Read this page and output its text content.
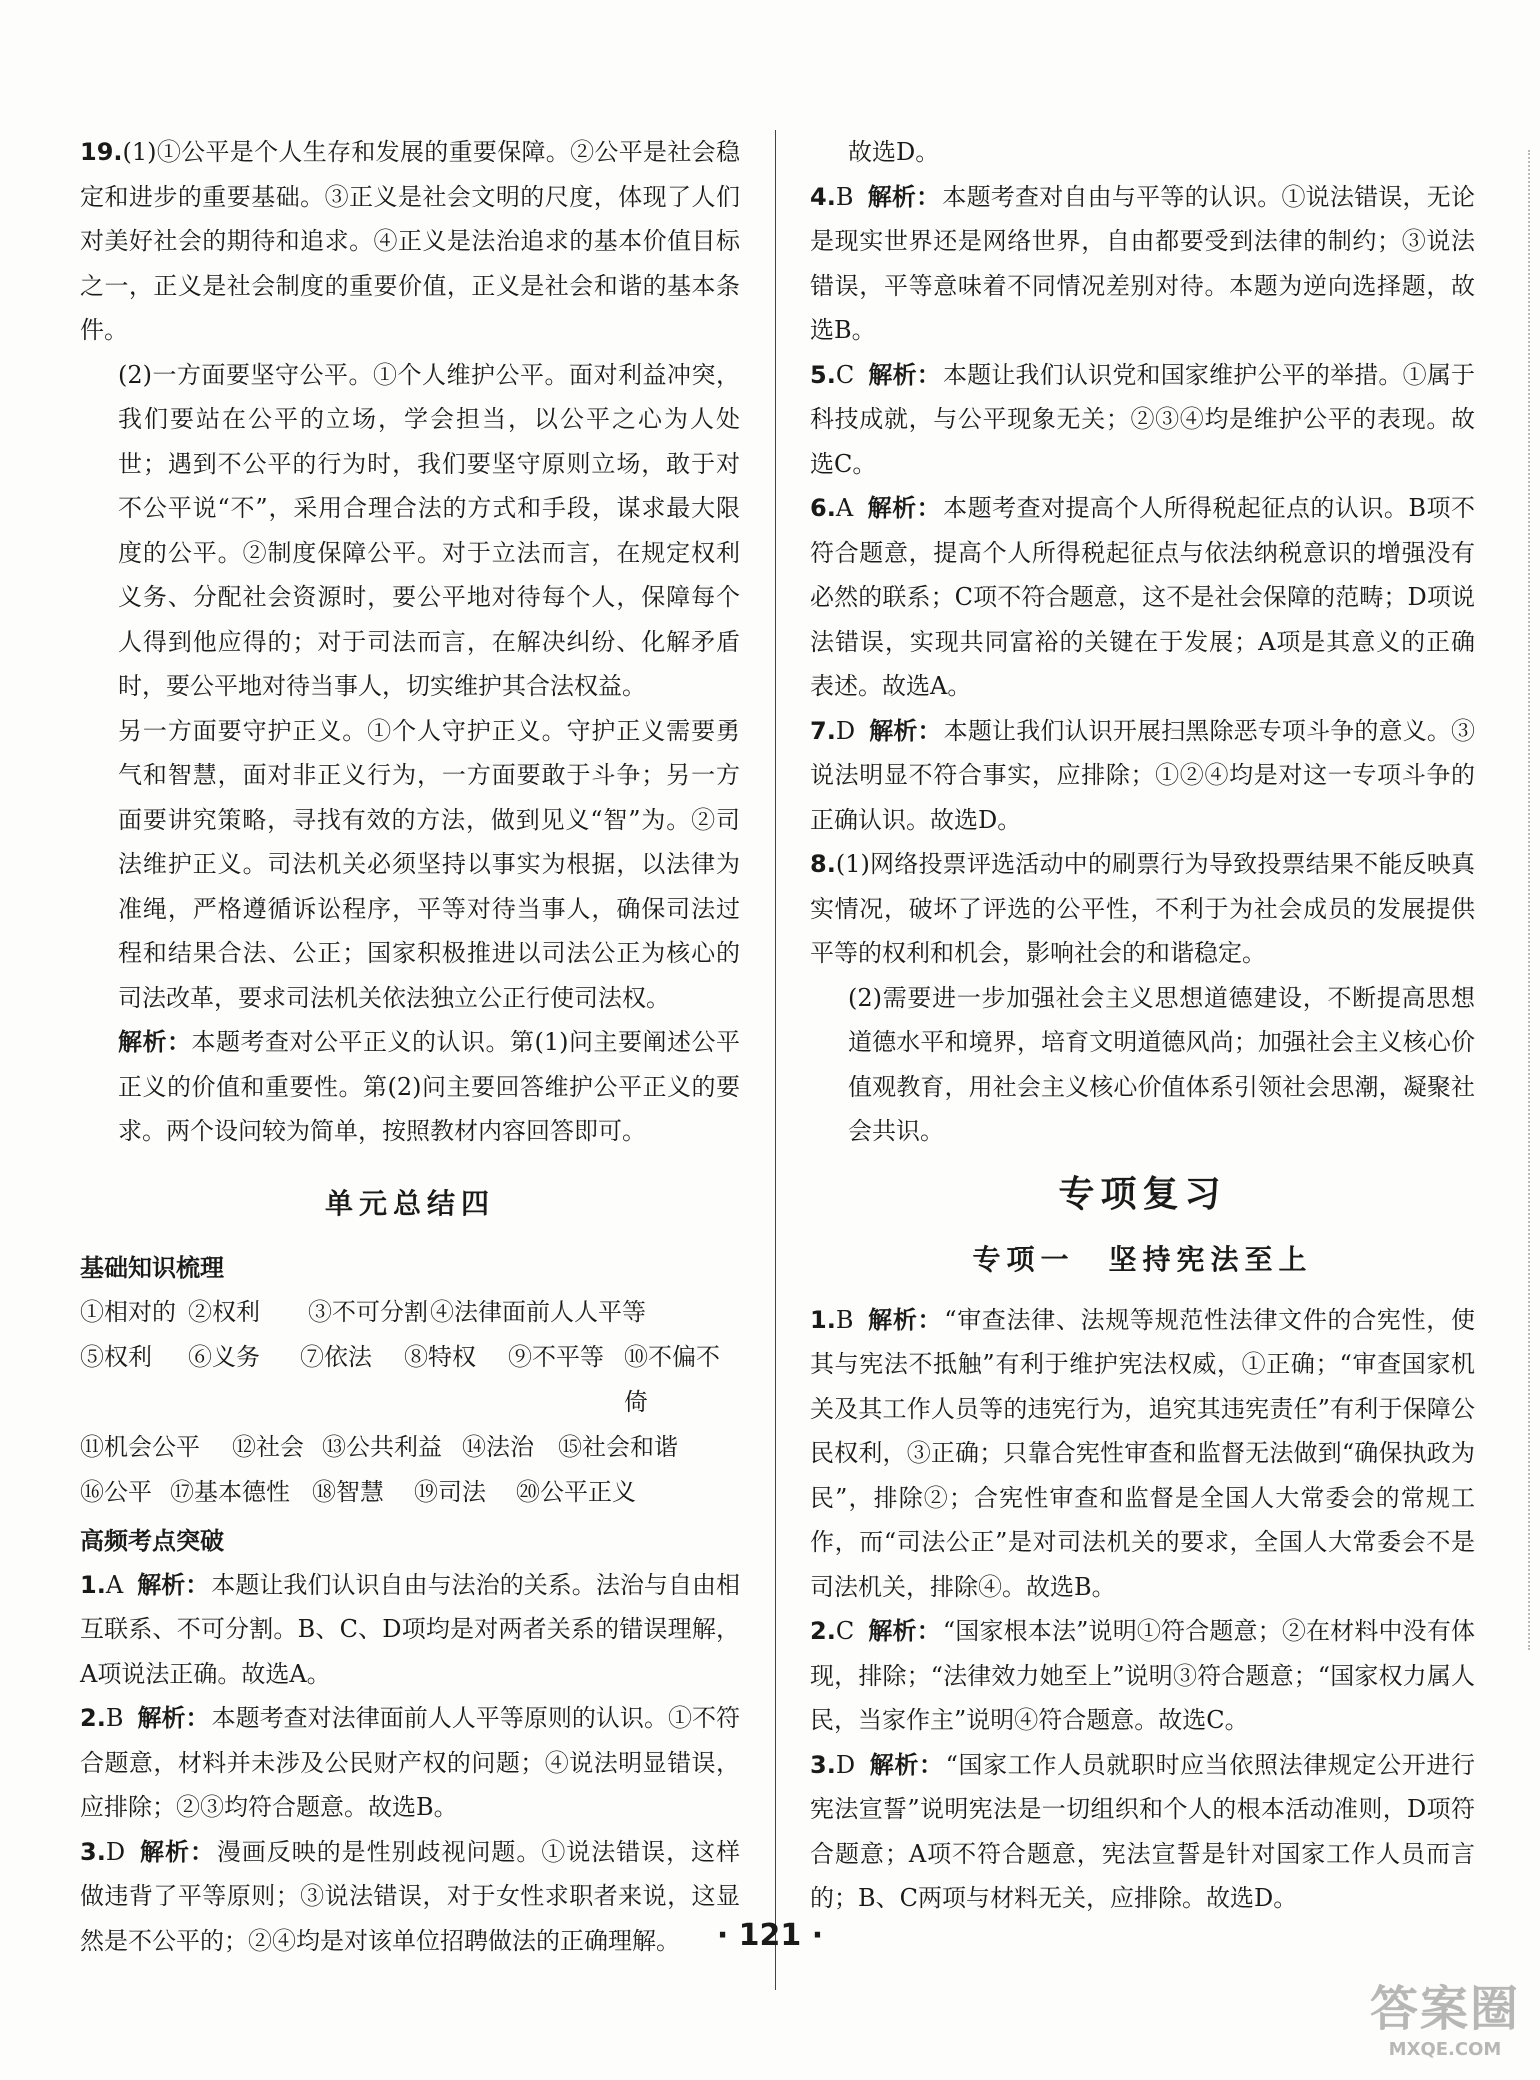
19.(1)①公平是个人生存和发展的重要保障。②公平是社会稳定和进步的重要基础。③正义是社会文明的尺度，体现了人们对美好社会的期待和追求。④正义是法治追求的基本价值目标之一，正义是社会制度的重要价值，正义是社会和谐的基本条件。

(2)一方面要坚守公平。①个人维护公平。面对利益冲突，我们要站在公平的立场，学会担当，以公平之心为人处世；遇到不公平的行为时，我们要坚守原则立场，敢于对不公平说“不”，采用合理合法的方式和手段，谋求最大限度的公平。②制度保障公平。对于立法而言，在规定权利义务、分配社会资源时，要公平地对待每个人，保障每个人得到他应得的；对于司法而言，在解决纠纷、化解矛盾时，要公平地对待当事人，切实维护其合法权益。

另一方面要守护正义。①个人守护正义。守护正义需要勇气和智慧，面对非正义行为，一方面要敢于斗争；另一方面要讲究策略，寻找有效的方法，做到见义“智”为。②司法维护正义。司法机关必须坚持以事实为根据，以法律为准绳，严格遵循诉讼程序，平等对待当事人，确保司法过程和结果合法、公正；国家积极推进以司法公正为核心的司法改革，要求司法机关依法独立公正行使司法权。

解析：本题考查对公平正义的认识。第(1)问主要阐述公平正义的价值和重要性。第(2)问主要回答维护公平正义的要求。两个设问较为简单，按照教材内容回答即可。

单元总结四
基础知识梳理
①相对的 ②权利	③不可分割 ④法律面前人人平等
⑤权利	⑥义务	⑦依法	⑧特权	⑨不平等 ⑩不偏不倚
⑪机会公平	⑫社会 ⑬公共利益 ⑭法治	⑮社会和谐
⑯公平 ⑰基本德性 ⑱智慧	⑲司法	⑳公平正义
高频考点突破

1.A 解析：本题让我们认识自由与法治的关系。法治与自由相互联系、不可分割。B、C、D项均是对两者关系的错误理解，A项说法正确。故选A。

2.B 解析：本题考查对法律面前人人平等原则的认识。①不符合题意，材料并未涉及公民财产权的问题；④说法明显错误，应排除；②③均符合题意。故选B。

3.D 解析：漫画反映的是性别歧视问题。①说法错误，这样做违背了平等原则；③说法错误，对于女性求职者来说，这显然是不公平的；②④均是对该单位招聘做法的正确理解。

故选D。

4.B 解析：本题考查对自由与平等的认识。①说法错误，无论是现实世界还是网络世界，自由都要受到法律的制约；③说法错误，平等意味着不同情况差别对待。本题为逆向选择题，故选B。

5.C 解析：本题让我们认识党和国家维护公平的举措。①属于科技成就，与公平现象无关；②③④均是维护公平的表现。故选C。

6.A 解析：本题考查对提高个人所得税起征点的认识。B项不符合题意，提高个人所得税起征点与依法纳税意识的增强没有必然的联系；C项不符合题意，这不是社会保障的范畴；D项说法错误，实现共同富裕的关键在于发展；A项是其意义的正确表述。故选A。

7.D 解析：本题让我们认识开展扫黑除恶专项斗争的意义。③说法明显不符合事实，应排除；①②④均是对这一专项斗争的正确认识。故选D。

8.(1)网络投票评选活动中的刷票行为导致投票结果不能反映真实情况，破坏了评选的公平性，不利于为社会成员的发展提供平等的权利和机会，影响社会的和谐稳定。

(2)需要进一步加强社会主义思想道德建设，不断提高思想道德水平和境界，培育文明道德风尚；加强社会主义核心价值观教育，用社会主义核心价值体系引领社会思潮，凝聚社会共识。

专项复习
专项一　坚持宪法至上

1.B 解析：“审查法律、法规等规范性法律文件的合宪性，使其与宪法不抵触”有利于维护宪法权威，①正确；“审查国家机关及其工作人员等的违宪行为，追究其违宪责任”有利于保障公民权利，③正确；只靠合宪性审查和监督无法做到“确保执政为民”，排除②；合宪性审查和监督是全国人大常委会的常规工作，而“司法公正”是对司法机关的要求，全国人大常委会不是司法机关，排除④。故选B。

2.C 解析：“国家根本法”说明①符合题意；②在材料中没有体现，排除；“法律效力她至上”说明③符合题意；“国家权力属人民，当家作主”说明④符合题意。故选C。

3.D 解析：“国家工作人员就职时应当依照法律规定公开进行宪法宣誓”说明宪法是一切组织和个人的根本活动准则，D项符合题意；A项不符合题意，宪法宣誓是针对国家工作人员而言的；B、C两项与材料无关，应排除。故选D。

· 121 ·
答案圈
MXQE.COM
